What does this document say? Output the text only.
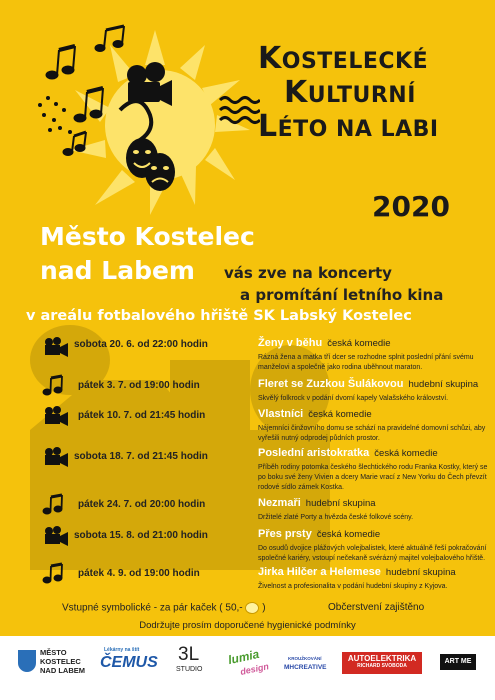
KOSTELECKÉ
KULTURNÍ
LÉTO NA LABI
2020
Město Kostelec
nad Labem	vás zve na koncerty
a promítání letního kina
v areálu fotbalového hřiště SK Labský Kostelec
sobota 20. 6. od 22:00 hodin	Ženy v běhu česká komedie
Rázná žena a matka tří dcer se rozhodne splnit poslední přání svému manželovi a společně jako rodina uběhnout maraton.
pátek 3. 7. od 19:00 hodin	Fleret se Zuzkou Šulákovou hudební skupina
Skvělý folkrock v podání dvorní kapely Valašského království.
pátek 10. 7. od 21:45 hodin	Vlastníci česká komedie
Nájemníci činžovního domu se schází na pravidelné domovní schůzi, aby vyřešili nutný odprodej půdních prostor.
sobota 18. 7. od 21:45 hodin	Poslední aristokratka česká komedie
Příběh rodiny potomka českého šlechtického rodu Franka Kostky, který se po boku své ženy Vivien a dcery Marie vrací z New Yorku do Čech převzít rodové sídlo zámek Kostka.
pátek 24. 7. od 20:00 hodin	Nezmaři hudební skupina
Držitelé zlaté Porty a hvězda české folkové scény.
sobota 15. 8. od 21:00 hodin	Přes prsty česká komedie
Do osudů dvojice plážových volejbalistek, které aktuálně řeší pokračování společné kariéry, vstoupí nečekaně svérázný majitel volejbalového hřiště.
pátek 4. 9. od 19:00 hodin	Jirka Hilčer a Helemese hudební skupina
Živelnost a profesionalita v podání hudební skupiny z Kyjova.
Vstupné symbolické - za pár kaček ( 50,-  )	Občerstvení zajištěno
Dodržujte prosím doporučené hygienické podmínky
MĚSTO
KOSTELEC
NAD LABEM
Lékárny na štít
ČEMUS 3L
STUDIO
lumia
design
KROUŽKOVÁNÍ
MHCREATIVE
AUTOELEKTRIKA
RICHARD SVOBODA
ART ME
